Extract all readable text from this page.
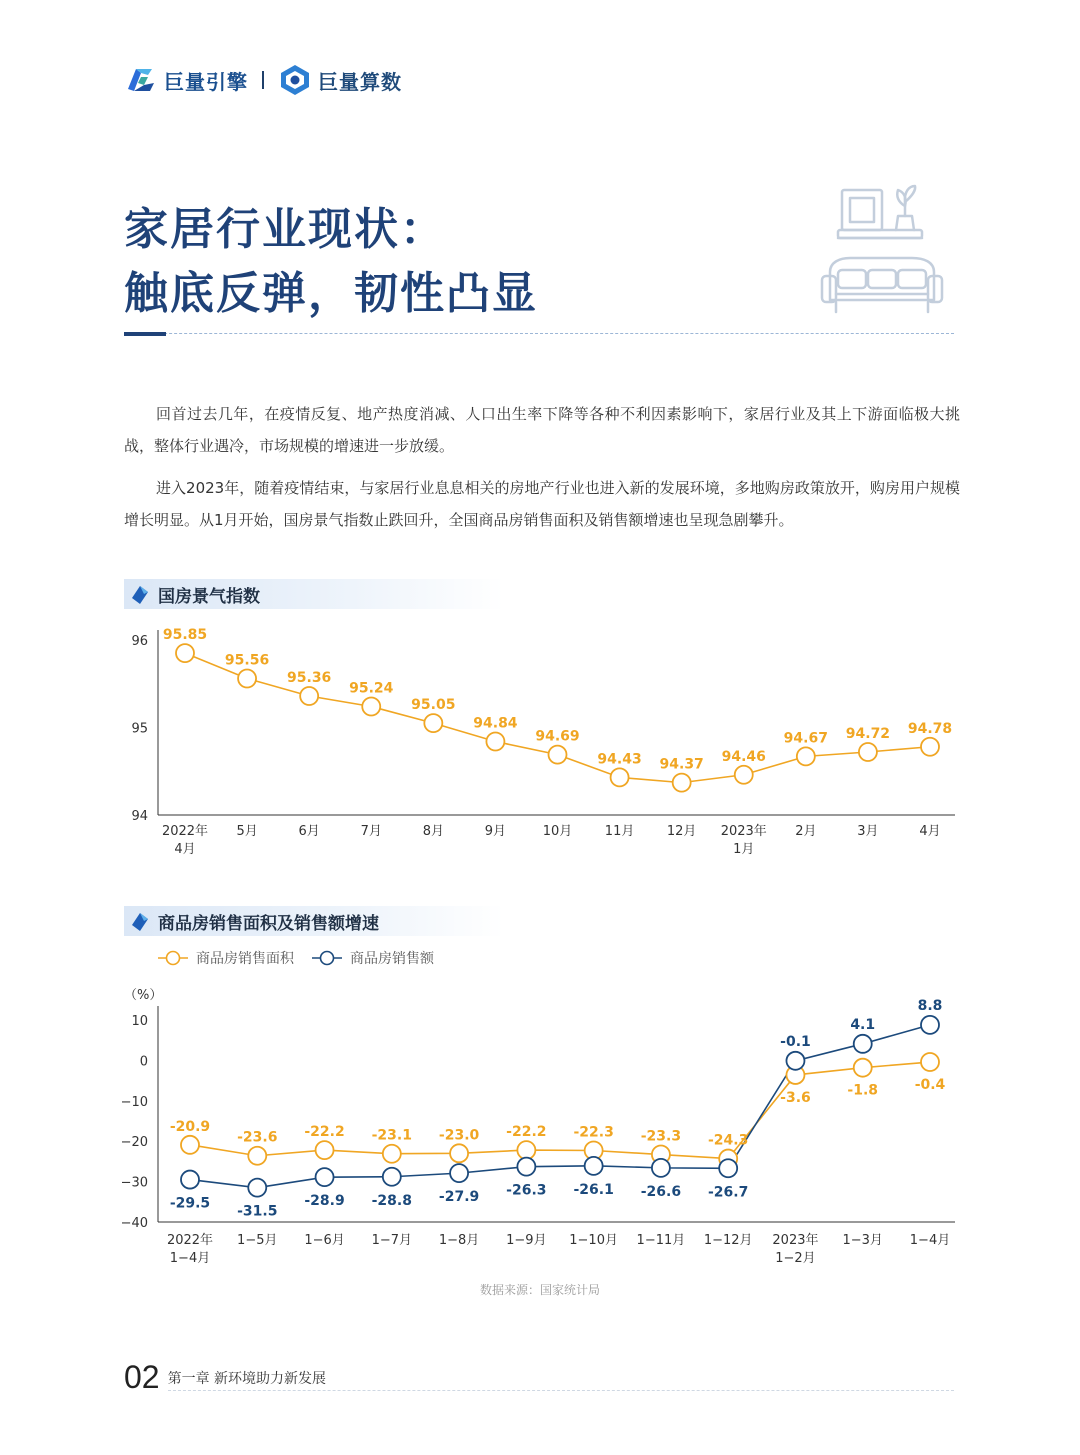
巨量引擎	巨量算数
家居行业现状：
触底反弹，韧性凸显

回首过去几年，在疫情反复、地产热度消减、人口出生率下降等各种不利因素影响下，家居行业及其上下游面临极大挑战，整体行业遇冷，市场规模的增速进一步放缓。

进入2023年，随着疫情结束，与家居行业息息相关的房地产行业也进入新的发展环境，多地购房政策放开，购房用户规模增长明显。从1月开始，国房景气指数止跌回升，全国商品房销售面积及销售额增速也呈现急剧攀升。

国房景气指数
94
95
96
2022年
4月
5月	6月	7月	8月	9月	10月	11月	12月 2023年
1月
2月	3月	4月
95.85
95.56
95.36
95.24
95.05
94.84
94.69
94.43 94.37 94.46
94.67 94.72 94.78
商品房销售面积及销售额增速
商品房销售面积	商品房销售额
（%）
10
0
−10
−20
−30
−40
2022年
1−4月
1−5月 1−6月 1−7月 1−8月 1−9月 1−10月 1−11月 1−12月 2023年
1−2月
1−3月 1−4月
-20.9
-23.6 -22.2 -23.1 -23.0 -22.2 -22.3 -23.3 -24.3
-3.6	-1.8	-0.4
-29.5
-31.5
-28.9 -28.8 -27.9 -26.3 -26.1 -26.6 -26.7
-0.1
4.1
8.8
数据来源：国家统计局
02 第一章 新环境助力新发展
